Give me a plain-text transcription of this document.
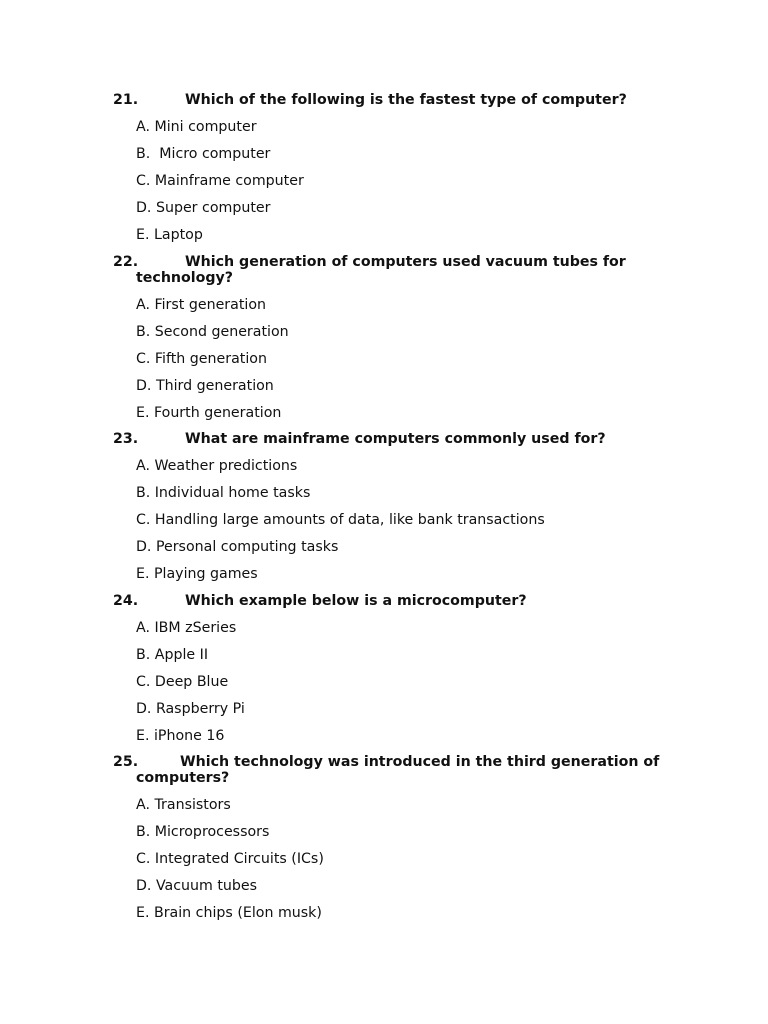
21.	Which of the following is the fastest type of computer?
A. Mini computer
B.  Micro computer
C. Mainframe computer
D. Super computer
E. Laptop
22.	Which generation of computers used vacuum tubes for
technology?
A. First generation
B. Second generation
C. Fifth generation
D. Third generation
E. Fourth generation
23.	What are mainframe computers commonly used for?
A. Weather predictions
B. Individual home tasks
C. Handling large amounts of data, like bank transactions
D. Personal computing tasks
E. Playing games
24.	Which example below is a microcomputer?
A. IBM zSeries
B. Apple II
C. Deep Blue
D. Raspberry Pi
E. iPhone 16
25.	Which technology was introduced in the third generation of
computers?
A. Transistors
B. Microprocessors
C. Integrated Circuits (ICs)
D. Vacuum tubes
E. Brain chips (Elon musk)
